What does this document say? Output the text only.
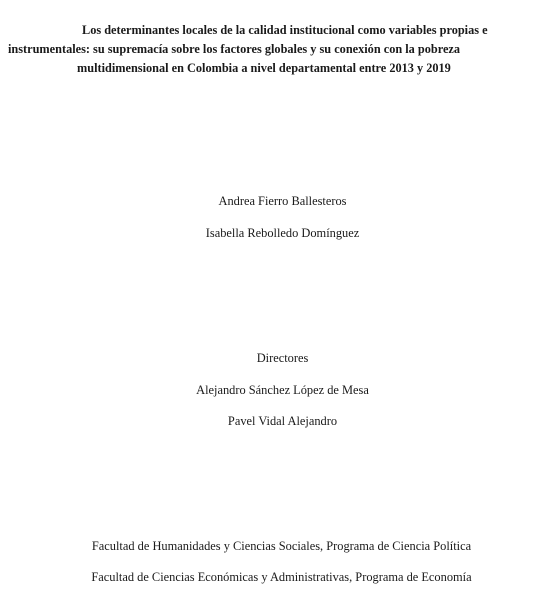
Los determinantes locales de la calidad institucional como variables propias e
instrumentales: su supremacía sobre los factores globales y su conexión con la pobreza
multidimensional en Colombia a nivel departamental entre 2013 y 2019

Andrea Fierro Ballesteros

Isabella Rebolledo Domínguez

Directores

Alejandro Sánchez López de Mesa

Pavel Vidal Alejandro

Facultad de Humanidades y Ciencias Sociales, Programa de Ciencia Política

Facultad de Ciencias Económicas y Administrativas, Programa de Economía
